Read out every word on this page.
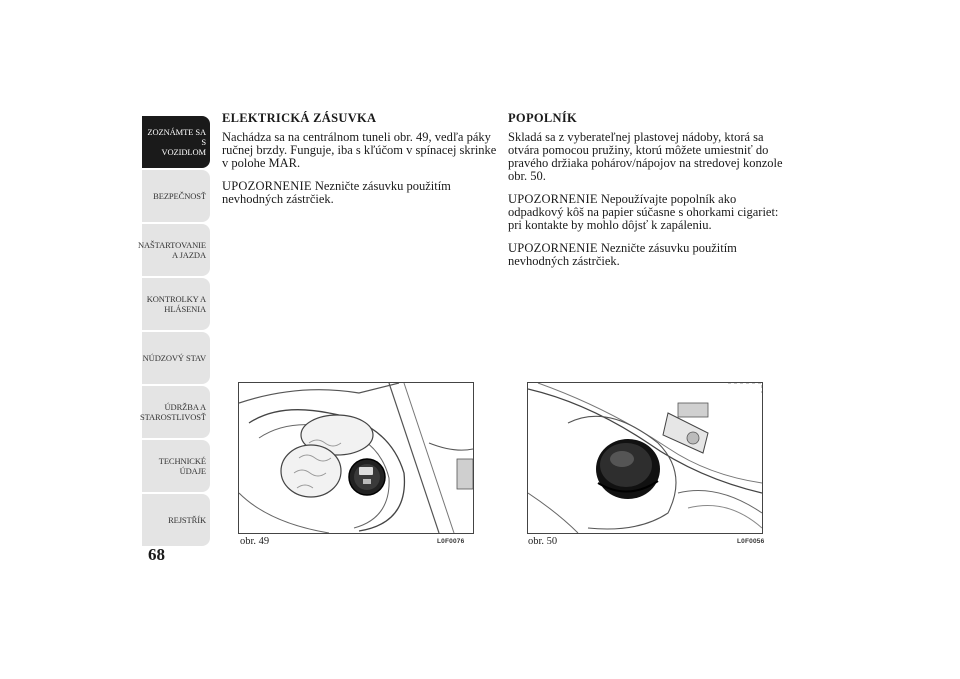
ZOZNÁMTE SA S
VOZIDLOM
BEZPEČNOSŤ
NAŠTARTOVANIE
A JAZDA
KONTROLKY A
HLÁSENIA
NÚDZOVÝ STAV
ÚDRŽBA A
STAROSTLIVOSŤ
TECHNICKÉ
ÚDAJE
REJSTŘÍK
68
ELEKTRICKÁ ZÁSUVKA

Nachádza sa na centrálnom tuneli obr. 49, vedľa páky ručnej brzdy. Funguje, iba s kľúčom v spínacej skrinke v polohe MAR.

UPOZORNENIE Nezničte zásuvku použitím nevhodných zástrčiek.

POPOLNÍK

Skladá sa z vyberateľnej plastovej nádoby, ktorá sa otvára pomocou pružiny, ktorú môžete umiestniť do pravého držiaka pohárov/nápojov na stredovej konzole obr. 50.

UPOZORNENIE Nepoužívajte popolník ako odpadkový kôš na papier súčasne s ohorkami cigariet: pri kontakte by mohlo dôjsť k zapáleniu.

UPOZORNENIE Nezničte zásuvku použitím nevhodných zástrčiek.

obr. 49	L0F0076	obr. 50	L0F0056
